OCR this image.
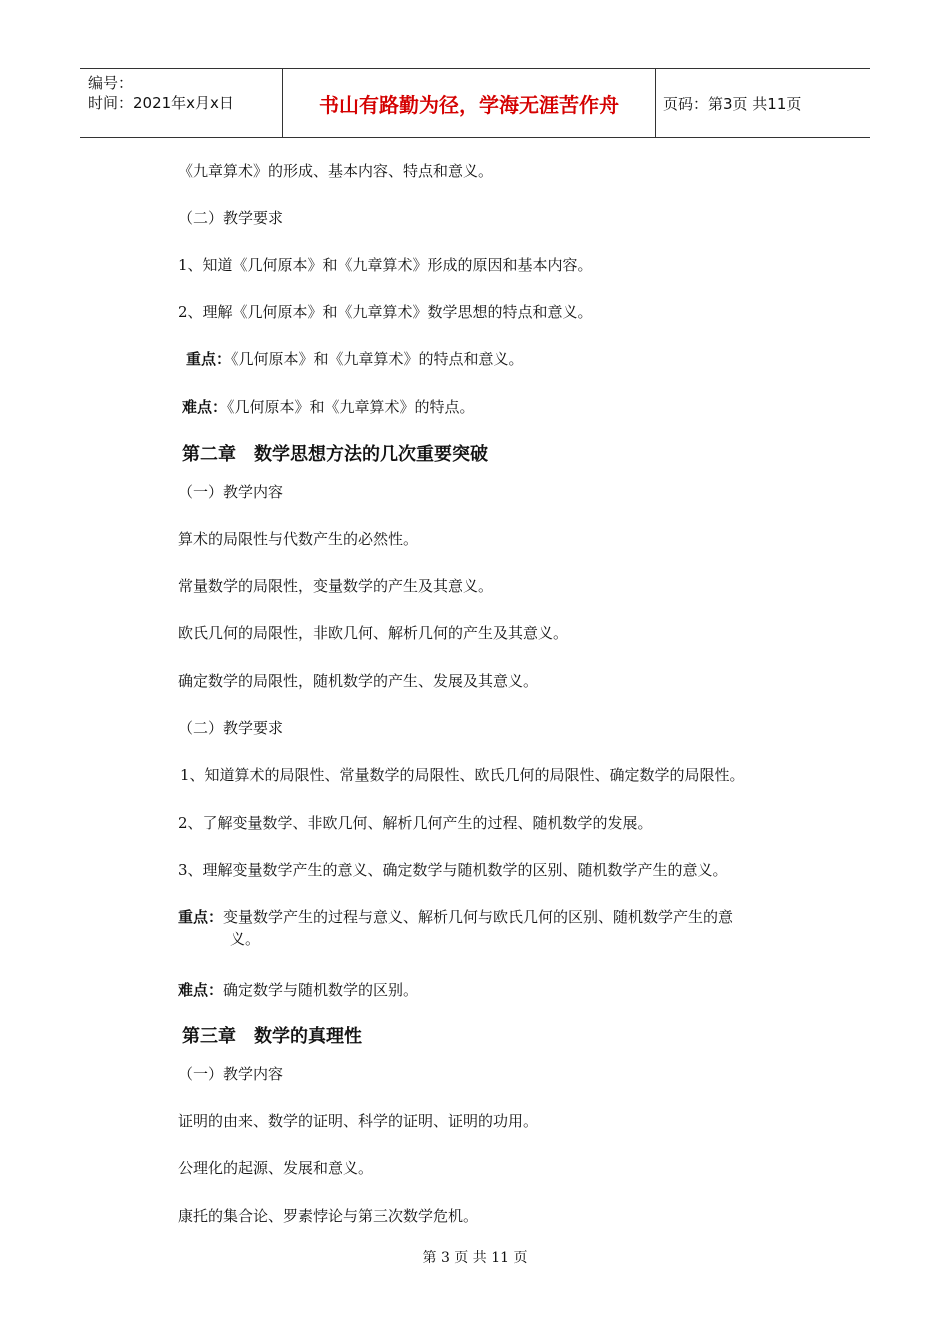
编号：
时间：2021年x月x日	书山有路勤为径，学海无涯苦作舟	页码：第3页 共11页
《九章算术》的形成、基本内容、特点和意义。
（二）教学要求
1、知道《几何原本》和《九章算术》形成的原因和基本内容。
2、理解《几何原本》和《九章算术》数学思想的特点和意义。
重点：《几何原本》和《九章算术》的特点和意义。
难点：《几何原本》和《九章算术》的特点。
第二章　数学思想方法的几次重要突破
（一）教学内容
算术的局限性与代数产生的必然性。
常量数学的局限性，变量数学的产生及其意义。
欧氏几何的局限性，非欧几何、解析几何的产生及其意义。
确定数学的局限性，随机数学的产生、发展及其意义。
（二）教学要求
1、知道算术的局限性、常量数学的局限性、欧氏几何的局限性、确定数学的局限性。
2、了解变量数学、非欧几何、解析几何产生的过程、随机数学的发展。
3、理解变量数学产生的意义、确定数学与随机数学的区别、随机数学产生的意义。
重点：变量数学产生的过程与意义、解析几何与欧氏几何的区别、随机数学产生的意
义。
难点：确定数学与随机数学的区别。
第三章　数学的真理性
（一）教学内容
证明的由来、数学的证明、科学的证明、证明的功用。
公理化的起源、发展和意义。
康托的集合论、罗素悖论与第三次数学危机。
第 3 页 共 11 页
